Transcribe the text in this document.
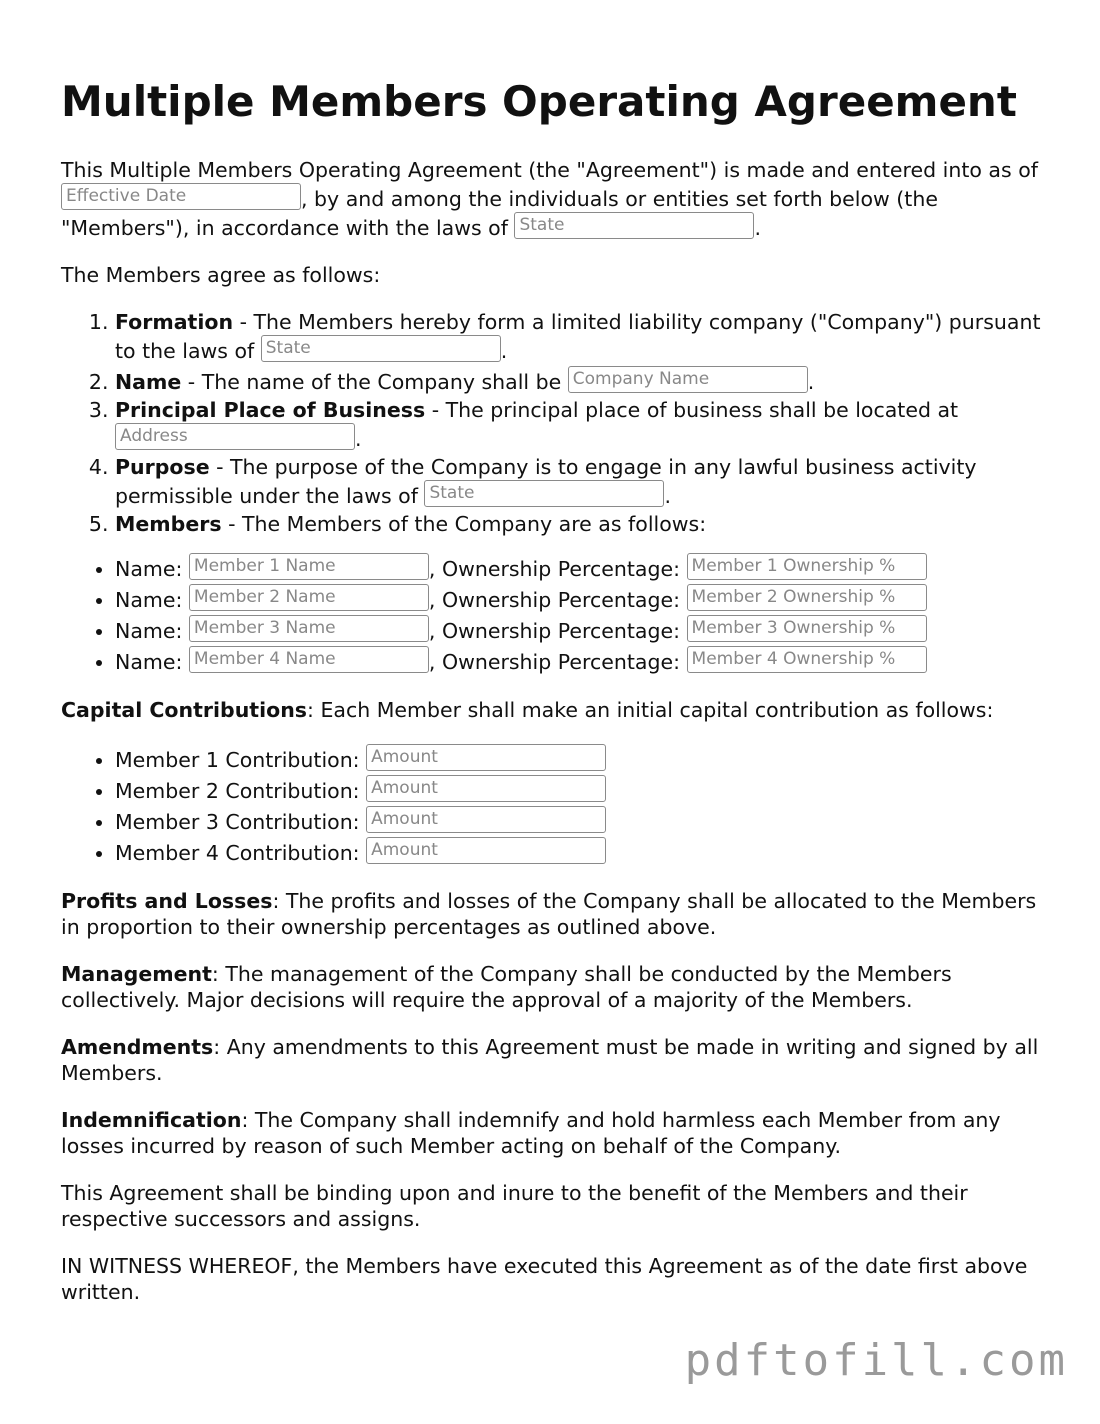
Multiple Members Operating Agreement

This Multiple Members Operating Agreement (the "Agreement") is made and entered into as of Effective Date	, by and among the individuals or entities set forth below (the "Members"), in accordance with the laws of State	.

The Members agree as follows:

1. Formation - The Members hereby form a limited liability company ("Company") pursuant to the laws of State	.
2. Name - The name of the Company shall be Company Name	.
3. Principal Place of Business - The principal place of business shall be located at Address	.
4. Purpose - The purpose of the Company is to engage in any lawful business activity permissible under the laws of State	.
5. Members - The Members of the Company are as follows:
• Name: Member 1 Name	, Ownership Percentage: Member 1 Ownership %
• Name: Member 2 Name	, Ownership Percentage: Member 2 Ownership %
• Name: Member 3 Name	, Ownership Percentage: Member 3 Ownership %
• Name: Member 4 Name	, Ownership Percentage: Member 4 Ownership %

Capital Contributions: Each Member shall make an initial capital contribution as follows:

• Member 1 Contribution: Amount
• Member 2 Contribution: Amount
• Member 3 Contribution: Amount
• Member 4 Contribution: Amount

Profits and Losses: The profits and losses of the Company shall be allocated to the Members in proportion to their ownership percentages as outlined above.

Management: The management of the Company shall be conducted by the Members collectively. Major decisions will require the approval of a majority of the Members.

Amendments: Any amendments to this Agreement must be made in writing and signed by all Members.

Indemnification: The Company shall indemnify and hold harmless each Member from any losses incurred by reason of such Member acting on behalf of the Company.

This Agreement shall be binding upon and inure to the benefit of the Members and their respective successors and assigns.

IN WITNESS WHEREOF, the Members have executed this Agreement as of the date first above written.

pdftofill.com
